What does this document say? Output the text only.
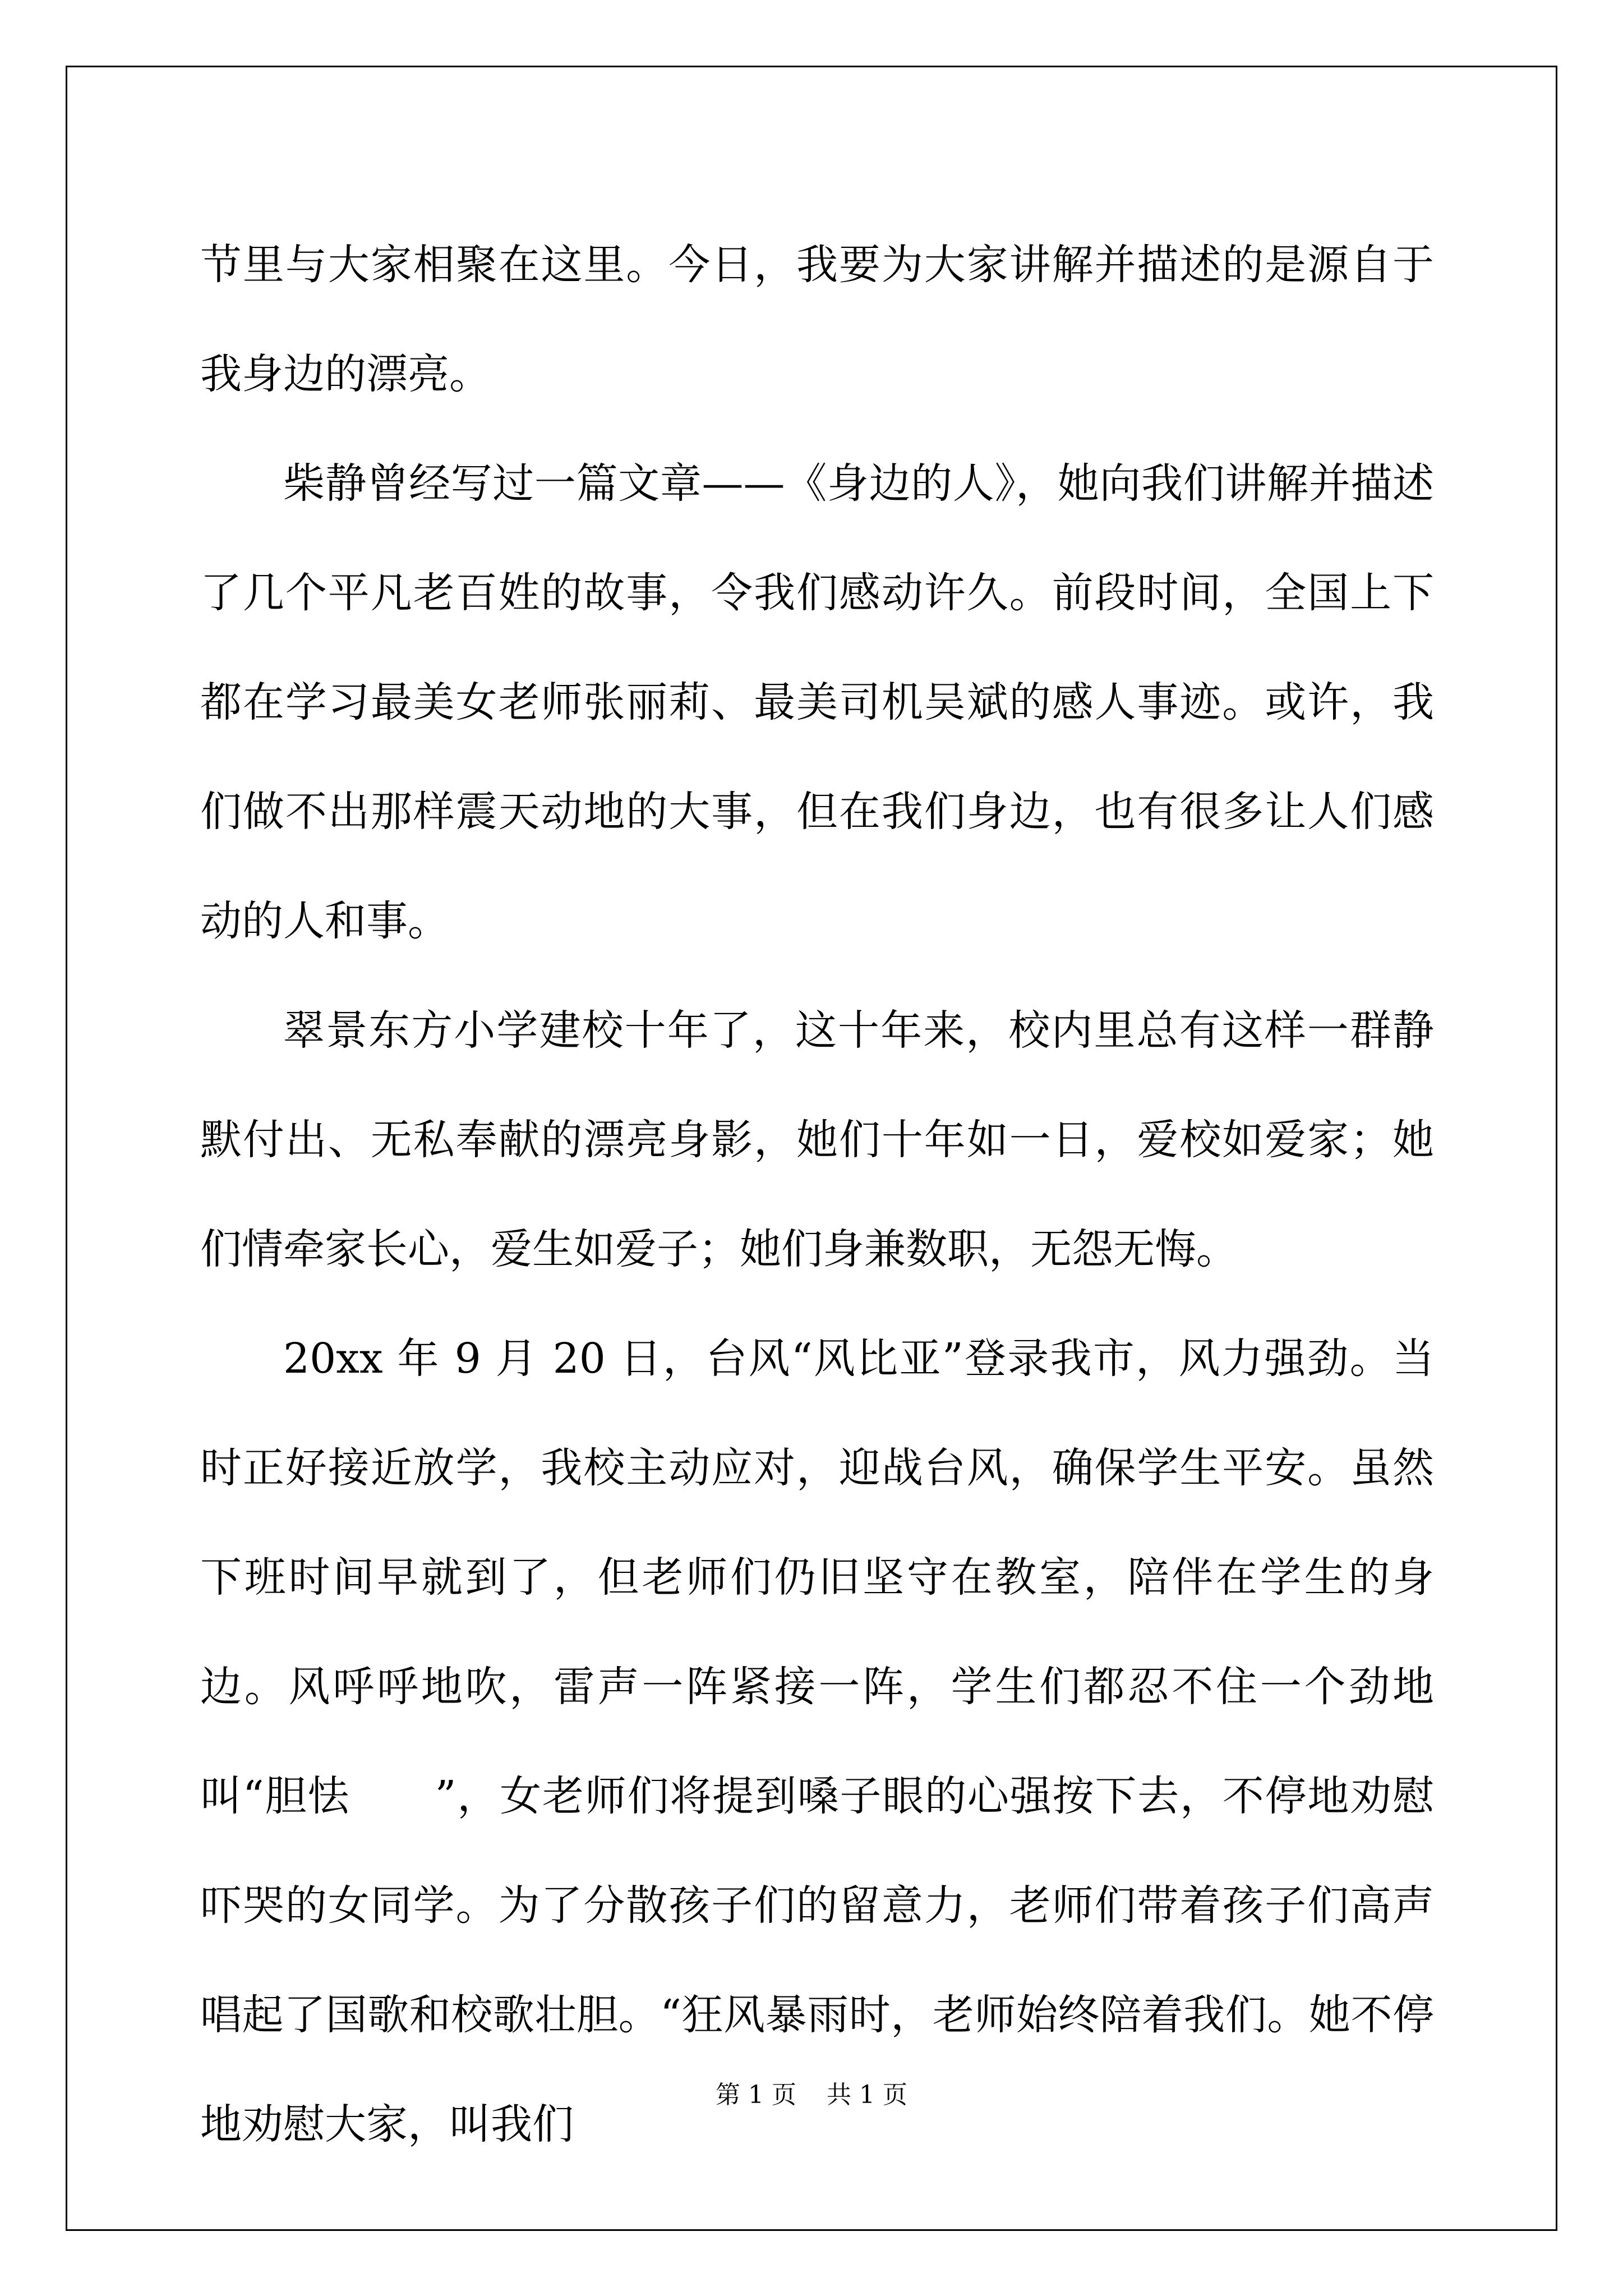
节里与大家相聚在这里。今日，我要为大家讲解并描述的是源自于我身边的漂亮。

柴静曾经写过一篇文章——《身边的人》，她向我们讲解并描述了几个平凡老百姓的故事，令我们感动许久。前段时间，全国上下都在学习最美女老师张丽莉、最美司机吴斌的感人事迹。或许，我们做不出那样震天动地的大事，但在我们身边，也有很多让人们感动的人和事。

翠景东方小学建校十年了，这十年来，校内里总有这样一群静默付出、无私奉献的漂亮身影，她们十年如一日，爱校如爱家；她们情牵家长心，爱生如爱子；她们身兼数职，无怨无悔。

20xx 年 9 月 20 日，台风“风比亚”登录我市，风力强劲。当时正好接近放学，我校主动应对，迎战台风，确保学生平安。虽然下班时间早就到了，但老师们仍旧坚守在教室，陪伴在学生的身边。风呼呼地吹，雷声一阵紧接一阵，学生们都忍不住一个劲地叫“胆怯　　”，女老师们将提到嗓子眼的心强按下去，不停地劝慰吓哭的女同学。为了分散孩子们的留意力，老师们带着孩子们高声唱起了国歌和校歌壮胆。“狂风暴雨时，老师始终陪着我们。她不停地劝慰大家，叫我们

第 1 页 共 1 页
